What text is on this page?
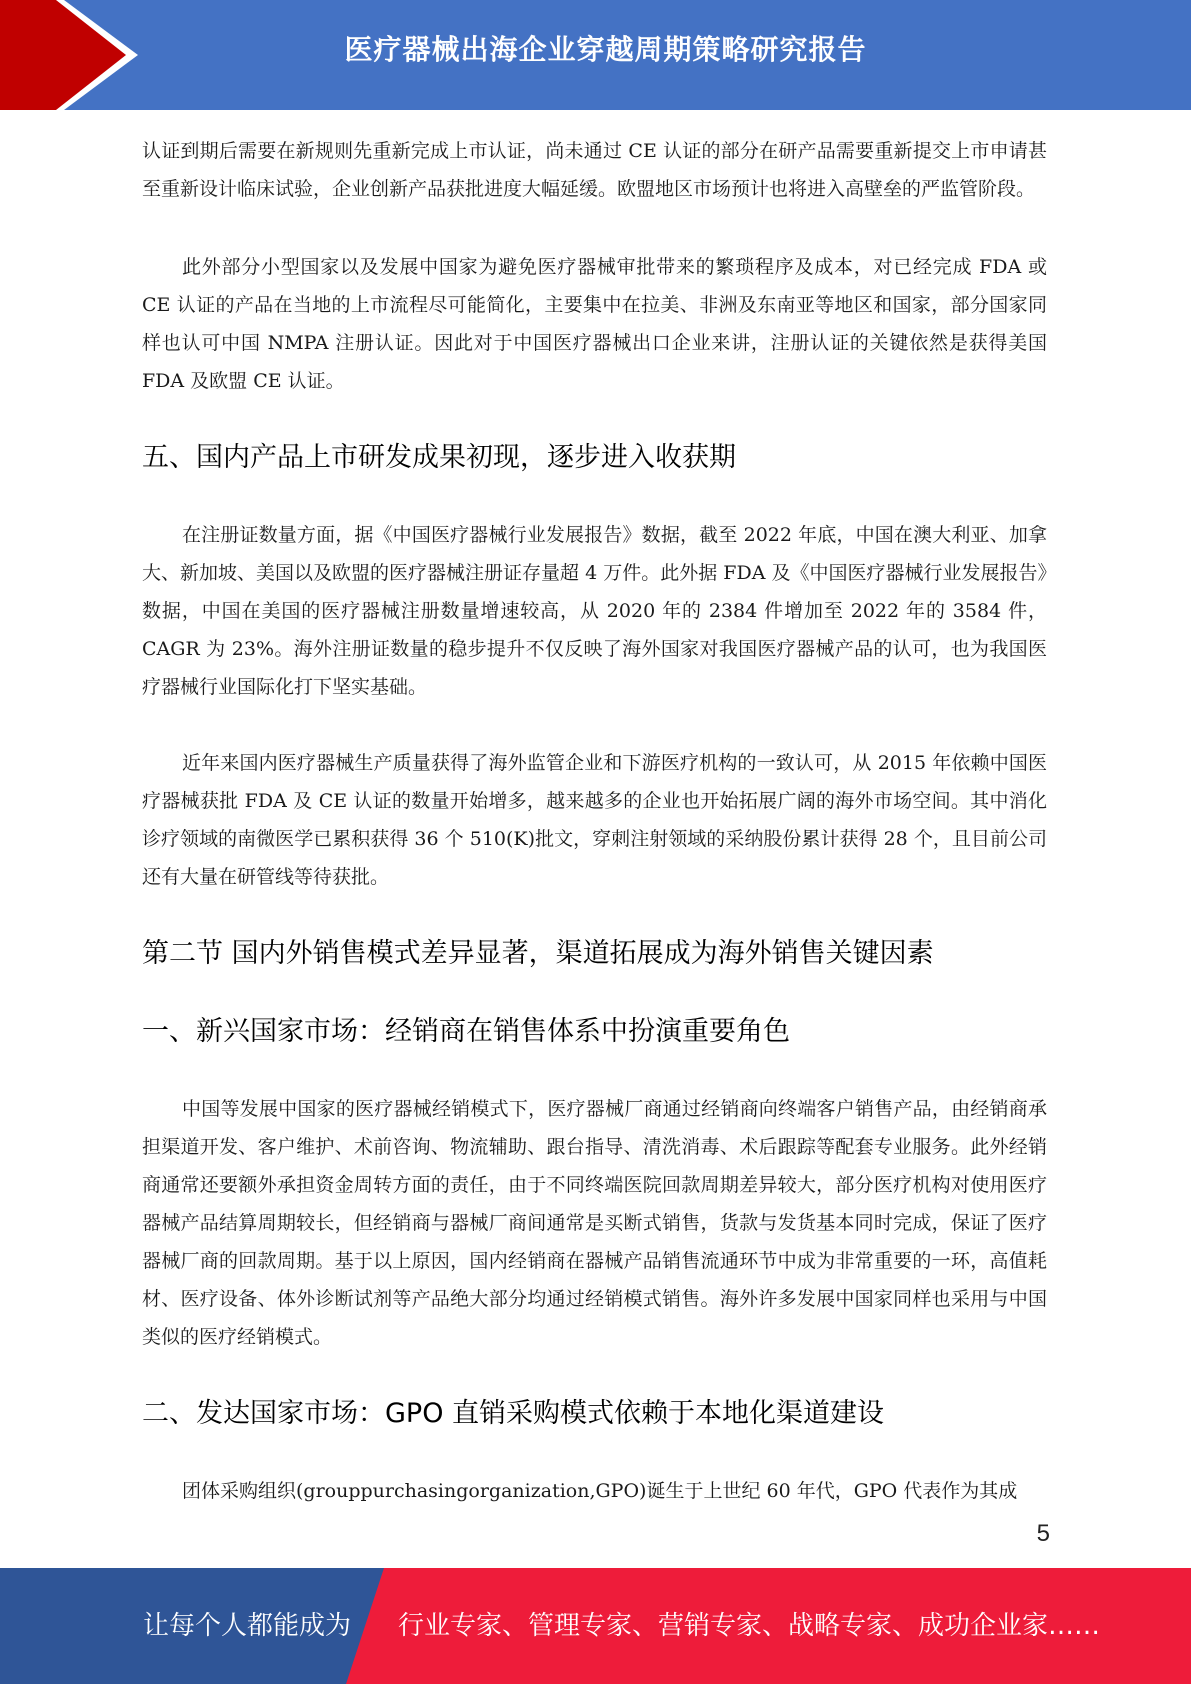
医疗器械出海企业穿越周期策略研究报告

认证到期后需要在新规则先重新完成上市认证，尚未通过 CE 认证的部分在研产品需要重新提交上市申请甚至重新设计临床试验，企业创新产品获批进度大幅延缓。欧盟地区市场预计也将进入高壁垒的严监管阶段。

此外部分小型国家以及发展中国家为避免医疗器械审批带来的繁琐程序及成本，对已经完成 FDA 或 CE 认证的产品在当地的上市流程尽可能简化，主要集中在拉美、非洲及东南亚等地区和国家，部分国家同样也认可中国 NMPA 注册认证。因此对于中国医疗器械出口企业来讲，注册认证的关键依然是获得美国 FDA 及欧盟 CE 认证。

五、国内产品上市研发成果初现，逐步进入收获期

在注册证数量方面，据《中国医疗器械行业发展报告》数据，截至 2022 年底，中国在澳大利亚、加拿大、新加坡、美国以及欧盟的医疗器械注册证存量超 4 万件。此外据 FDA 及《中国医疗器械行业发展报告》数据，中国在美国的医疗器械注册数量增速较高，从 2020 年的 2384 件增加至 2022 年的 3584 件，CAGR 为 23%。海外注册证数量的稳步提升不仅反映了海外国家对我国医疗器械产品的认可，也为我国医疗器械行业国际化打下坚实基础。

近年来国内医疗器械生产质量获得了海外监管企业和下游医疗机构的一致认可，从 2015 年依赖中国医疗器械获批 FDA 及 CE 认证的数量开始增多，越来越多的企业也开始拓展广阔的海外市场空间。其中消化诊疗领域的南微医学已累积获得 36 个 510(K)批文，穿刺注射领域的采纳股份累计获得 28 个，且目前公司还有大量在研管线等待获批。

第二节 国内外销售模式差异显著，渠道拓展成为海外销售关键因素
一、新兴国家市场：经销商在销售体系中扮演重要角色

中国等发展中国家的医疗器械经销模式下，医疗器械厂商通过经销商向终端客户销售产品，由经销商承担渠道开发、客户维护、术前咨询、物流辅助、跟台指导、清洗消毒、术后跟踪等配套专业服务。此外经销商通常还要额外承担资金周转方面的责任，由于不同终端医院回款周期差异较大，部分医疗机构对使用医疗器械产品结算周期较长，但经销商与器械厂商间通常是买断式销售，货款与发货基本同时完成，保证了医疗器械厂商的回款周期。基于以上原因，国内经销商在器械产品销售流通环节中成为非常重要的一环，高值耗材、医疗设备、体外诊断试剂等产品绝大部分均通过经销模式销售。海外许多发展中国家同样也采用与中国类似的医疗经销模式。

二、发达国家市场：GPO 直销采购模式依赖于本地化渠道建设

团体采购组织(grouppurchasingorganization,GPO)诞生于上世纪 60 年代，GPO 代表作为其成

5
让每个人都能成为 行业专家、管理专家、营销专家、战略专家、成功企业家……
